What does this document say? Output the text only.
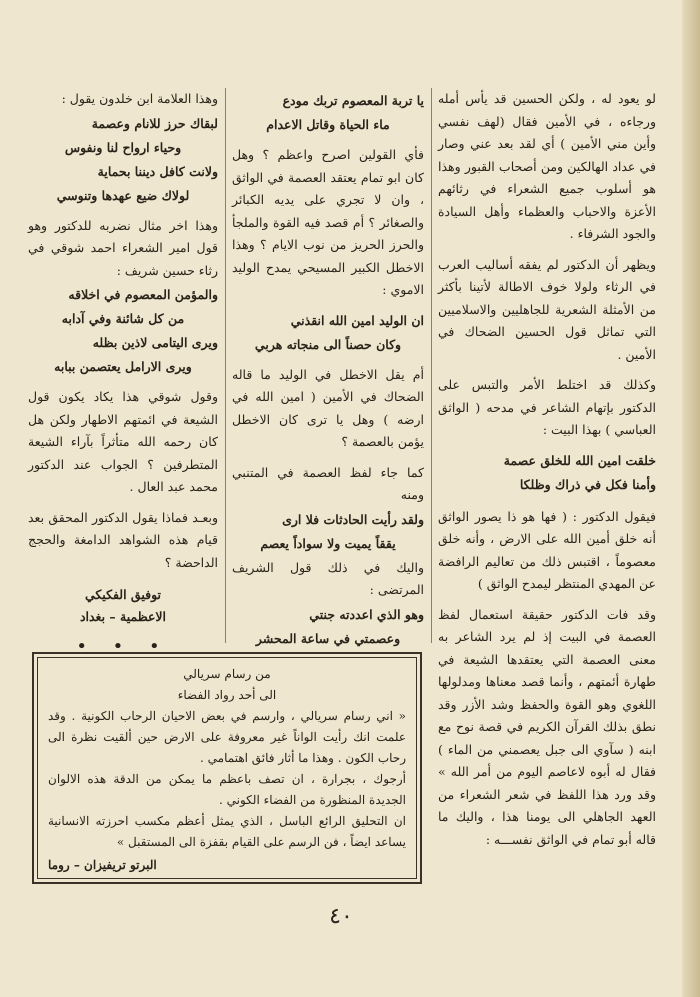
لو يعود له ، ولكن الحسين قد يأس أمله ورجاءه ، في الأمين فقال (لهف نفسي وأين مني الأمين ) أي لقد بعد عني وصار في عداد الهالكين ومن أصحاب القبور وهذا هو أسلوب جميع الشعراء في رثائهم الأعزة والاحباب والعظماء وأهل السيادة والجود الشرفاء .

ويظهر أن الدكتور لم يفقه أساليب العرب في الرثاء ولولا خوف الاطالة لأتينا بأكثر من الأمثلة الشعرية للجاهليين والاسلاميين التي تماثل قول الحسين الضحاك في الأمين .

وكذلك قد اختلط الأمر والتبس على الدكتور بإتهام الشاعر في مدحه ( الواثق العباسي ) بهذا البيت :

خلقت امين الله للخلق عصمة
وأمنا فكل في ذراك وظلكا

فيقول الدكتور : ( فها هو ذا يصور الواثق أنه خلق أمين الله على الارض ، وأنه خلق معصوماً ، اقتبس ذلك من تعاليم الرافضة عن المهدي المنتظر ليمدح الواثق )

وقد فات الدكتور حقيقة استعمال لفظ العصمة في البيت إذ لم يرد الشاعر به معنى العصمة التي يعتقدها الشيعة في طهارة أئمتهم ، وأنما قصد معناها ومدلولها اللغوي وهو القوة والحفظ وشد الأزر وقد نطق بذلك القرآن الكريم في قصة نوح مع ابنه ( سآوي الى جبل يعصمني من الماء ) فقال له أبوه لاعاصم اليوم من أمر الله » وقد ورد هذا اللفظ في شعر الشعراء من العهد الجاهلي الى يومنا هذا ، واليك ما قاله أبو تمام في الواثق نفســـه :

يا تربة المعصوم تربك مودع
ماء الحياة وقاتل الاعدام

فأي القولين اصرح واعظم ؟ وهل كان ابو تمام يعتقد العصمة في الواثق ، وان لا تجري على يديه الكبائر والصغائر ؟ أم قصد فيه القوة والملجأ والحرز الحريز من نوب الايام ؟ وهذا الاخطل الكبير المسيحي يمدح الوليد الاموي :

ان الوليد امين الله انقذني
وكان حصناً الى منجاته هربي

أم يقل الاخطل في الوليد ما قاله الضحاك في الأمين ( امين الله في ارضه ) وهل يا ترى كان الاخطل يؤمن بالعصمة ؟

كما جاء لفظ العصمة في المتنبي ومنه

ولقد رأيت الحادثات فلا ارى
يققاً يميت ولا سواداً يعصم

واليك في ذلك قول الشريف المرتضى :

وهو الذي اعددته جنتي
وعصمتي في ساعة المحشر

وهذا العلامة ابن خلدون يقول :

لبقاك حرز للانام وعصمة
وحياء ارواح لنا ونفوس
ولانت كافل ديننا بحماية
لولاك ضيع عهدها وتنوسي

وهذا اخر مثال نضربه للدكتور وهو قول امير الشعراء احمد شوقي في رثاء حسين شريف :

والمؤمن المعصوم في اخلاقه
من كل شائنة وفي آدابه
ويرى اليتامى لاذين بظله
ويرى الارامل يعتصمن ببابه

وقول شوقي هذا يكاد يكون قول الشيعة في ائمتهم الاطهار ولكن هل كان رحمه الله متأثراً بآراء الشيعة المتطرفين ؟ الجواب عند الدكتور محمد عبد العال .

وبعـد فماذا يقول الدكتور المحقق بعد قيام هذه الشواهد الدامغة والحجج الداحضة ؟

توفيق الفكيكي
الاعظمية – بغداد
• • •
من رسام سريالي
الى أحد رواد الفضاء

« اني رسام سريالي ، وارسم في بعض الاحيان الرحاب الكونية . وقد علمت انك رأيت الواناً غير معروفة على الارض حين ألقيت نظرة الى رحاب الكون . وهذا ما أثار فائق اهتمامي .

أرجوك ، بجرارة ، ان تصف باعظم ما يمكن من الدقة هذه الالوان الجديدة المنظورة من الفضاء الكوني .

ان التحليق الرائع الباسل ، الذي يمثل أعظم مكسب احرزته الانسانية يساعد ايضاً ، فن الرسم على القيام بقفزة الى المستقبل »

البرتو تريفيزان – روما
٤٠
